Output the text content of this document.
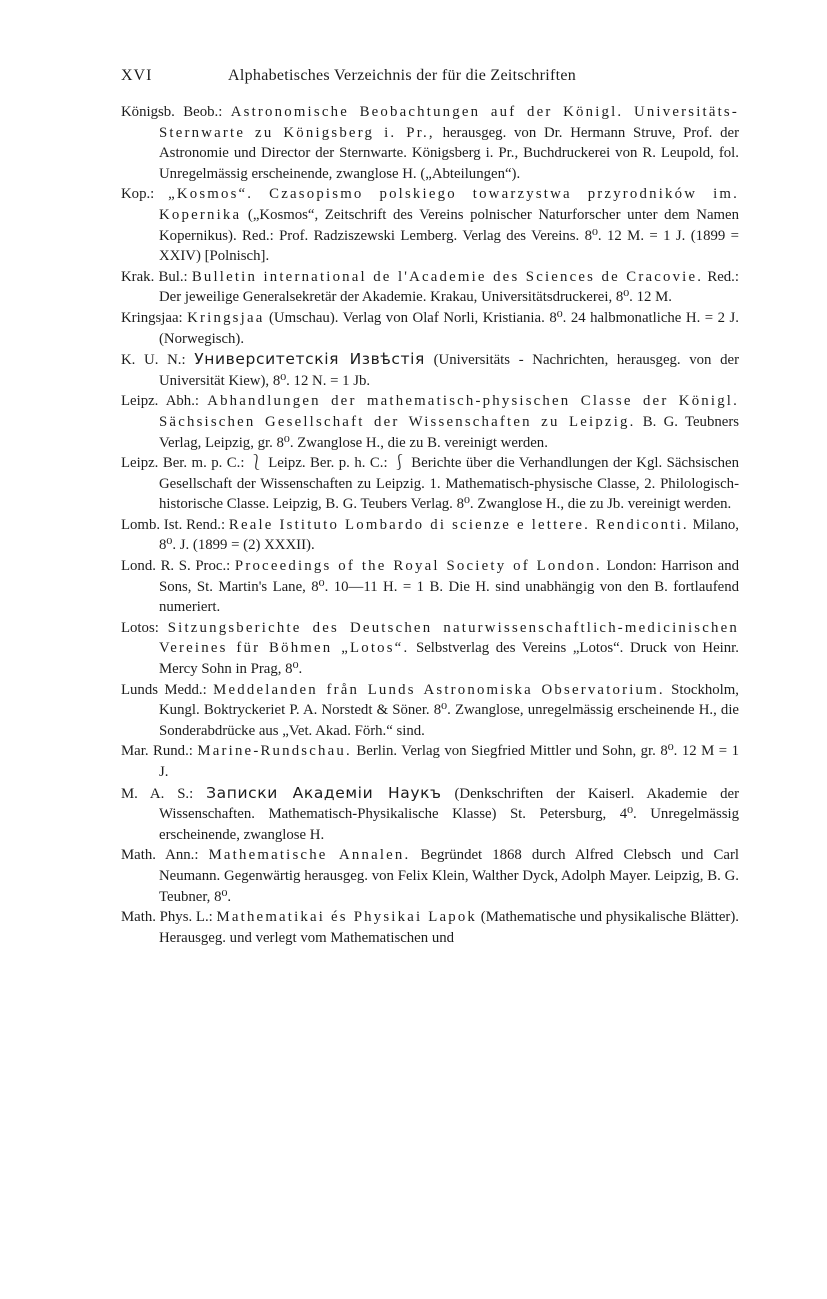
XVI	Alphabetisches Verzeichnis der für die Zeitschriften

Königsb. Beob.: Astronomische Beobachtungen auf der Königl. Universitäts-Sternwarte zu Königsberg i. Pr., herausgeg. von Dr. Hermann Struve, Prof. der Astronomie und Director der Sternwarte. Königsberg i. Pr., Buchdruckerei von R. Leupold, fol. Unregelmässig erscheinende, zwanglose H. („Abteilungen“).

Kop.: „Kosmos“. Czasopismo polskiego towarzystwa przyrodników im. Kopernika („Kosmos“, Zeitschrift des Vereins polnischer Naturforscher unter dem Namen Kopernikus). Red.: Prof. Radziszewski Lemberg. Verlag des Vereins. 8⁰. 12 M. = 1 J. (1899 = XXIV) [Polnisch].

Krak. Bul.: Bulletin international de l'Academie des Sciences de Cracovie. Red.: Der jeweilige Generalsekretär der Akademie. Krakau, Universitätsdruckerei, 8⁰. 12 M.

Kringsjaa: Kringsjaa (Umschau). Verlag von Olaf Norli, Kristiania. 8⁰. 24 halbmonatliche H. = 2 J. (Norwegisch).

K. U. N.: Университетскія Извѣстія (Universitäts - Nachrichten, herausgeg. von der Universität Kiew), 8⁰. 12 N. = 1 Jb.

Leipz. Abh.: Abhandlungen der mathematisch-physischen Classe der Königl. Sächsischen Gesellschaft der Wissenschaften zu Leipzig. B. G. Teubners Verlag, Leipzig, gr. 8⁰. Zwanglose H., die zu B. vereinigt werden.

Leipz. Ber. m. p. C.: ⎱ Leipz. Ber. p. h. C.: ⎰ Berichte über die Verhandlungen der Kgl. Sächsischen Gesellschaft der Wissenschaften zu Leipzig. 1. Mathematisch-physische Classe, 2. Philologisch-historische Classe. Leipzig, B. G. Teubers Verlag. 8⁰. Zwanglose H., die zu Jb. vereinigt werden.

Lomb. Ist. Rend.: Reale Istituto Lombardo di scienze e lettere. Rendiconti. Milano, 8⁰. J. (1899 = (2) XXXII).

Lond. R. S. Proc.: Proceedings of the Royal Society of London. London: Harrison and Sons, St. Martin's Lane, 8⁰. 10—11 H. = 1 B. Die H. sind unabhängig von den B. fortlaufend numeriert.

Lotos: Sitzungsberichte des Deutschen naturwissenschaftlich-medicinischen Vereines für Böhmen „Lotos“. Selbstverlag des Vereins „Lotos“. Druck von Heinr. Mercy Sohn in Prag, 8⁰.

Lunds Medd.: Meddelanden från Lunds Astronomiska Observatorium. Stockholm, Kungl. Boktryckeriet P. A. Norstedt & Söner. 8⁰. Zwanglose, unregelmässig erscheinende H., die Sonderabdrücke aus „Vet. Akad. Förh.“ sind.

Mar. Rund.: Marine-Rundschau. Berlin. Verlag von Siegfried Mittler und Sohn, gr. 8⁰. 12 M = 1 J.

M. A. S.: Записки Академiи Наукъ (Denkschriften der Kaiserl. Akademie der Wissenschaften. Mathematisch-Physikalische Klasse) St. Petersburg, 4⁰. Unregelmässig erscheinende, zwanglose H.

Math. Ann.: Mathematische Annalen. Begründet 1868 durch Alfred Clebsch und Carl Neumann. Gegenwärtig herausgeg. von Felix Klein, Walther Dyck, Adolph Mayer. Leipzig, B. G. Teubner, 8⁰.

Math. Phys. L.: Mathematikai és Physikai Lapok (Mathematische und physikalische Blätter). Herausgeg. und verlegt vom Mathematischen und
